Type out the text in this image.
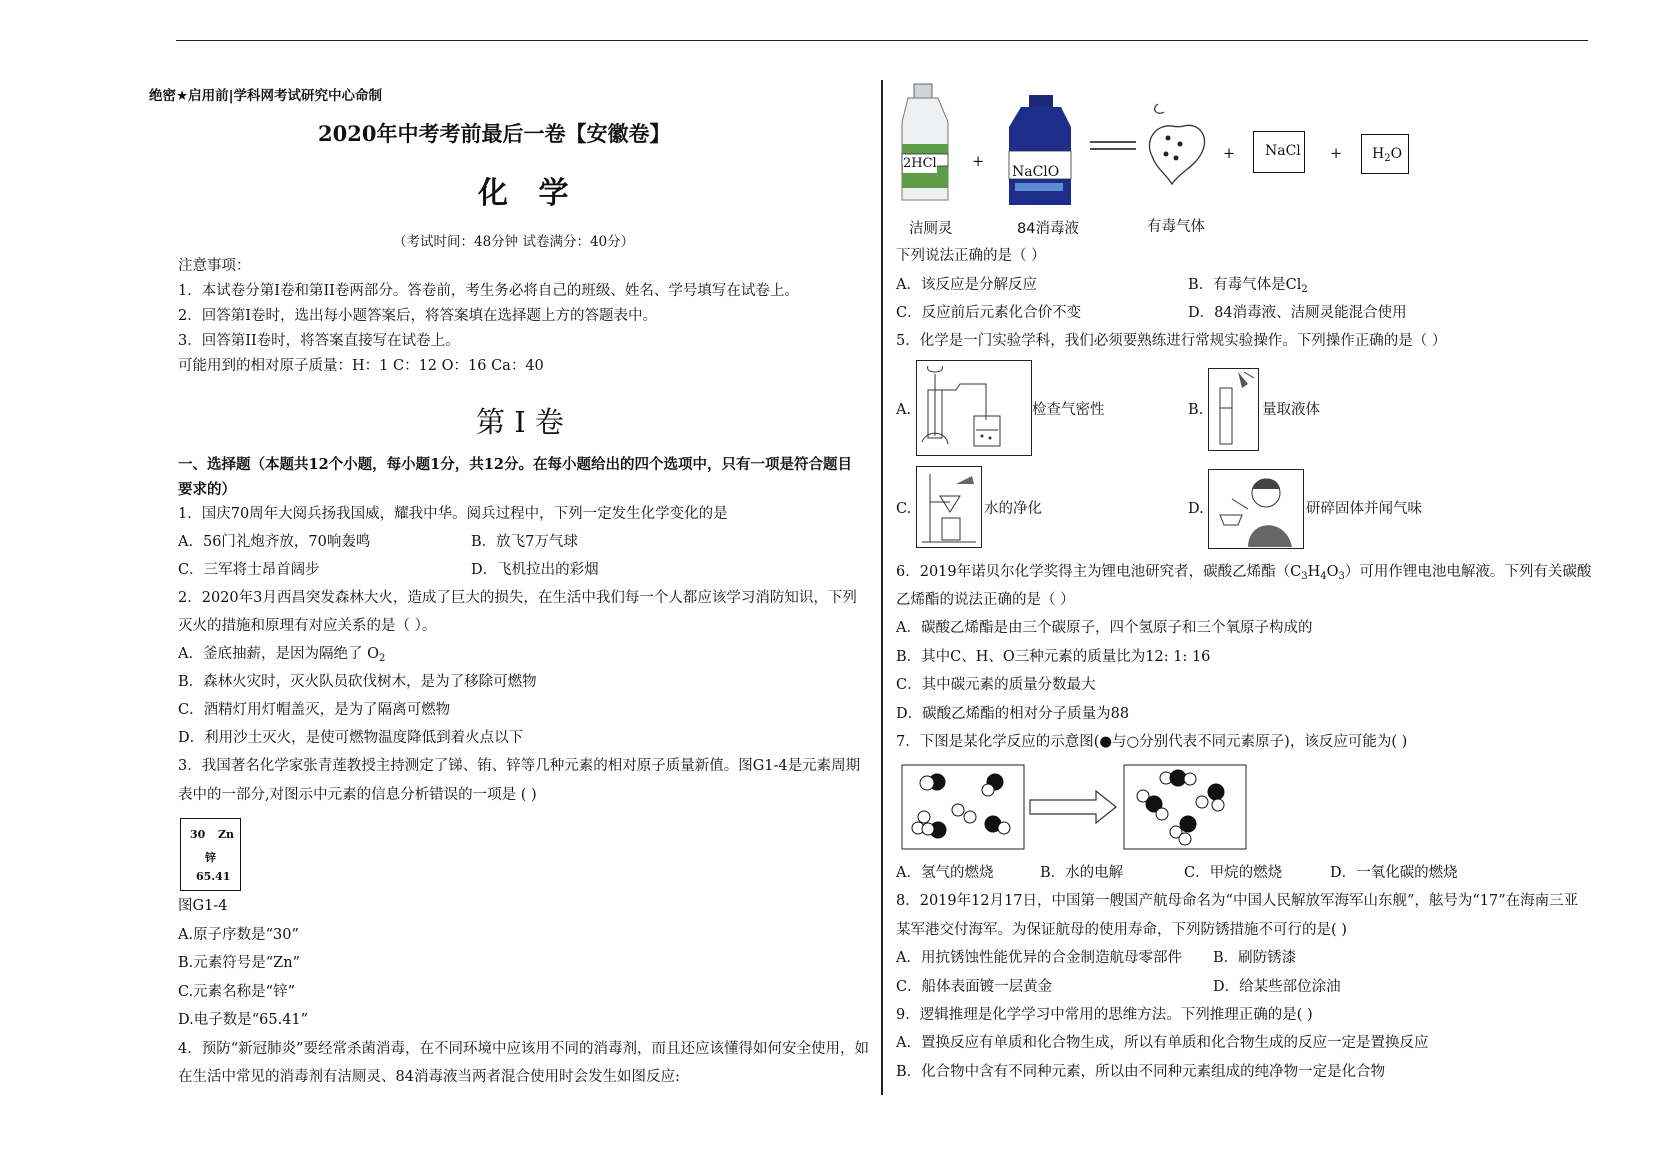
绝密★启用前|学科网考试研究中心命制
2020年中考考前最后一卷【安徽卷】
化 学
（考试时间：48分钟 试卷满分：40分）
注意事项：
1．本试卷分第I卷和第II卷两部分。答卷前，考生务必将自己的班级、姓名、学号填写在试卷上。
2．回答第I卷时，选出每小题答案后，将答案填在选择题上方的答题表中。
3．回答第II卷时，将答案直接写在试卷上。
可能用到的相对原子质量：H：1 C：12 O：16 Ca：40
第 I 卷
一、选择题（本题共12个小题，每小题1分，共12分。在每小题给出的四个选项中，只有一项是符合题目
要求的）
1．国庆70周年大阅兵扬我国威，耀我中华。阅兵过程中，下列一定发生化学变化的是
A．56门礼炮齐放，70响轰鸣	B．放飞7万气球
C．三军将士昂首阔步	D．飞机拉出的彩烟
2．2020年3月西昌突发森林大火，造成了巨大的损失，在生活中我们每一个人都应该学习消防知识，下列
灭火的措施和原理有对应关系的是（ ）。
A．釜底抽薪，是因为隔绝了 $O_2$
B．森林火灾时，灭火队员砍伐树木，是为了移除可燃物
C．酒精灯用灯帽盖灭，是为了隔离可燃物
D．利用沙土灭火，是使可燃物温度降低到着火点以下
3．我国著名化学家张青莲教授主持测定了锑、铕、锌等几种元素的相对原子质量新值。图G1-4是元素周期
表中的一部分,对图示中元素的信息分析错误的一项是 ( )
30 Zn
锌
65.41
图G1-4
A.原子序数是“30”
B.元素符号是“Zn”
C.元素名称是“锌”
D.电子数是“65.41”
4．预防“新冠肺炎”要经常杀菌消毒，在不同环境中应该用不同的消毒剂，而且还应该懂得如何安全使用，如
在生活中常见的消毒剂有洁厕灵、84消毒液当两者混合使用时会发生如图反应:
2HCl +
NaClO
+ NaCl + $H_2O$
洁厕灵	84消毒液	有毒气体
下列说法正确的是（ ）
A．该反应是分解反应	B．有毒气体是$Cl_2$
C．反应前后元素化合价不变	D．84消毒液、洁厕灵能混合使用
5．化学是一门实验学科，我们必须要熟练进行常规实验操作。下列操作正确的是（ ）
A.	检查气密性	B.	量取液体
C.	水的净化	D.	研碎固体并闻气味
6．2019年诺贝尔化学奖得主为锂电池研究者，碳酸乙烯酯$(C_3H_4O_3)$可用作锂电池电解液。下列有关碳酸
乙烯酯的说法正确的是（ ）
A．碳酸乙烯酯是由三个碳原子，四个氢原子和三个氧原子构成的
B．其中C、H、O三种元素的质量比为12: 1: 16
C．其中碳元素的质量分数最大
D．碳酸乙烯酯的相对分子质量为88
7．下图是某化学反应的示意图(●与○分别代表不同元素原子)，该反应可能为( )
A．氢气的燃烧	B．水的电解	C．甲烷的燃烧	D．一氧化碳的燃烧
8．2019年12月17日，中国第一艘国产航母命名为“中国人民解放军海军山东舰”，舷号为“17”在海南三亚
某军港交付海军。为保证航母的使用寿命，下列防锈措施不可行的是( )
A．用抗锈蚀性能优异的合金制造航母零部件 B．刷防锈漆
C．船体表面镀一层黄金	D．给某些部位涂油
9．逻辑推理是化学学习中常用的思维方法。下列推理正确的是( )
A．置换反应有单质和化合物生成，所以有单质和化合物生成的反应一定是置换反应
B．化合物中含有不同种元素，所以由不同种元素组成的纯净物一定是化合物
